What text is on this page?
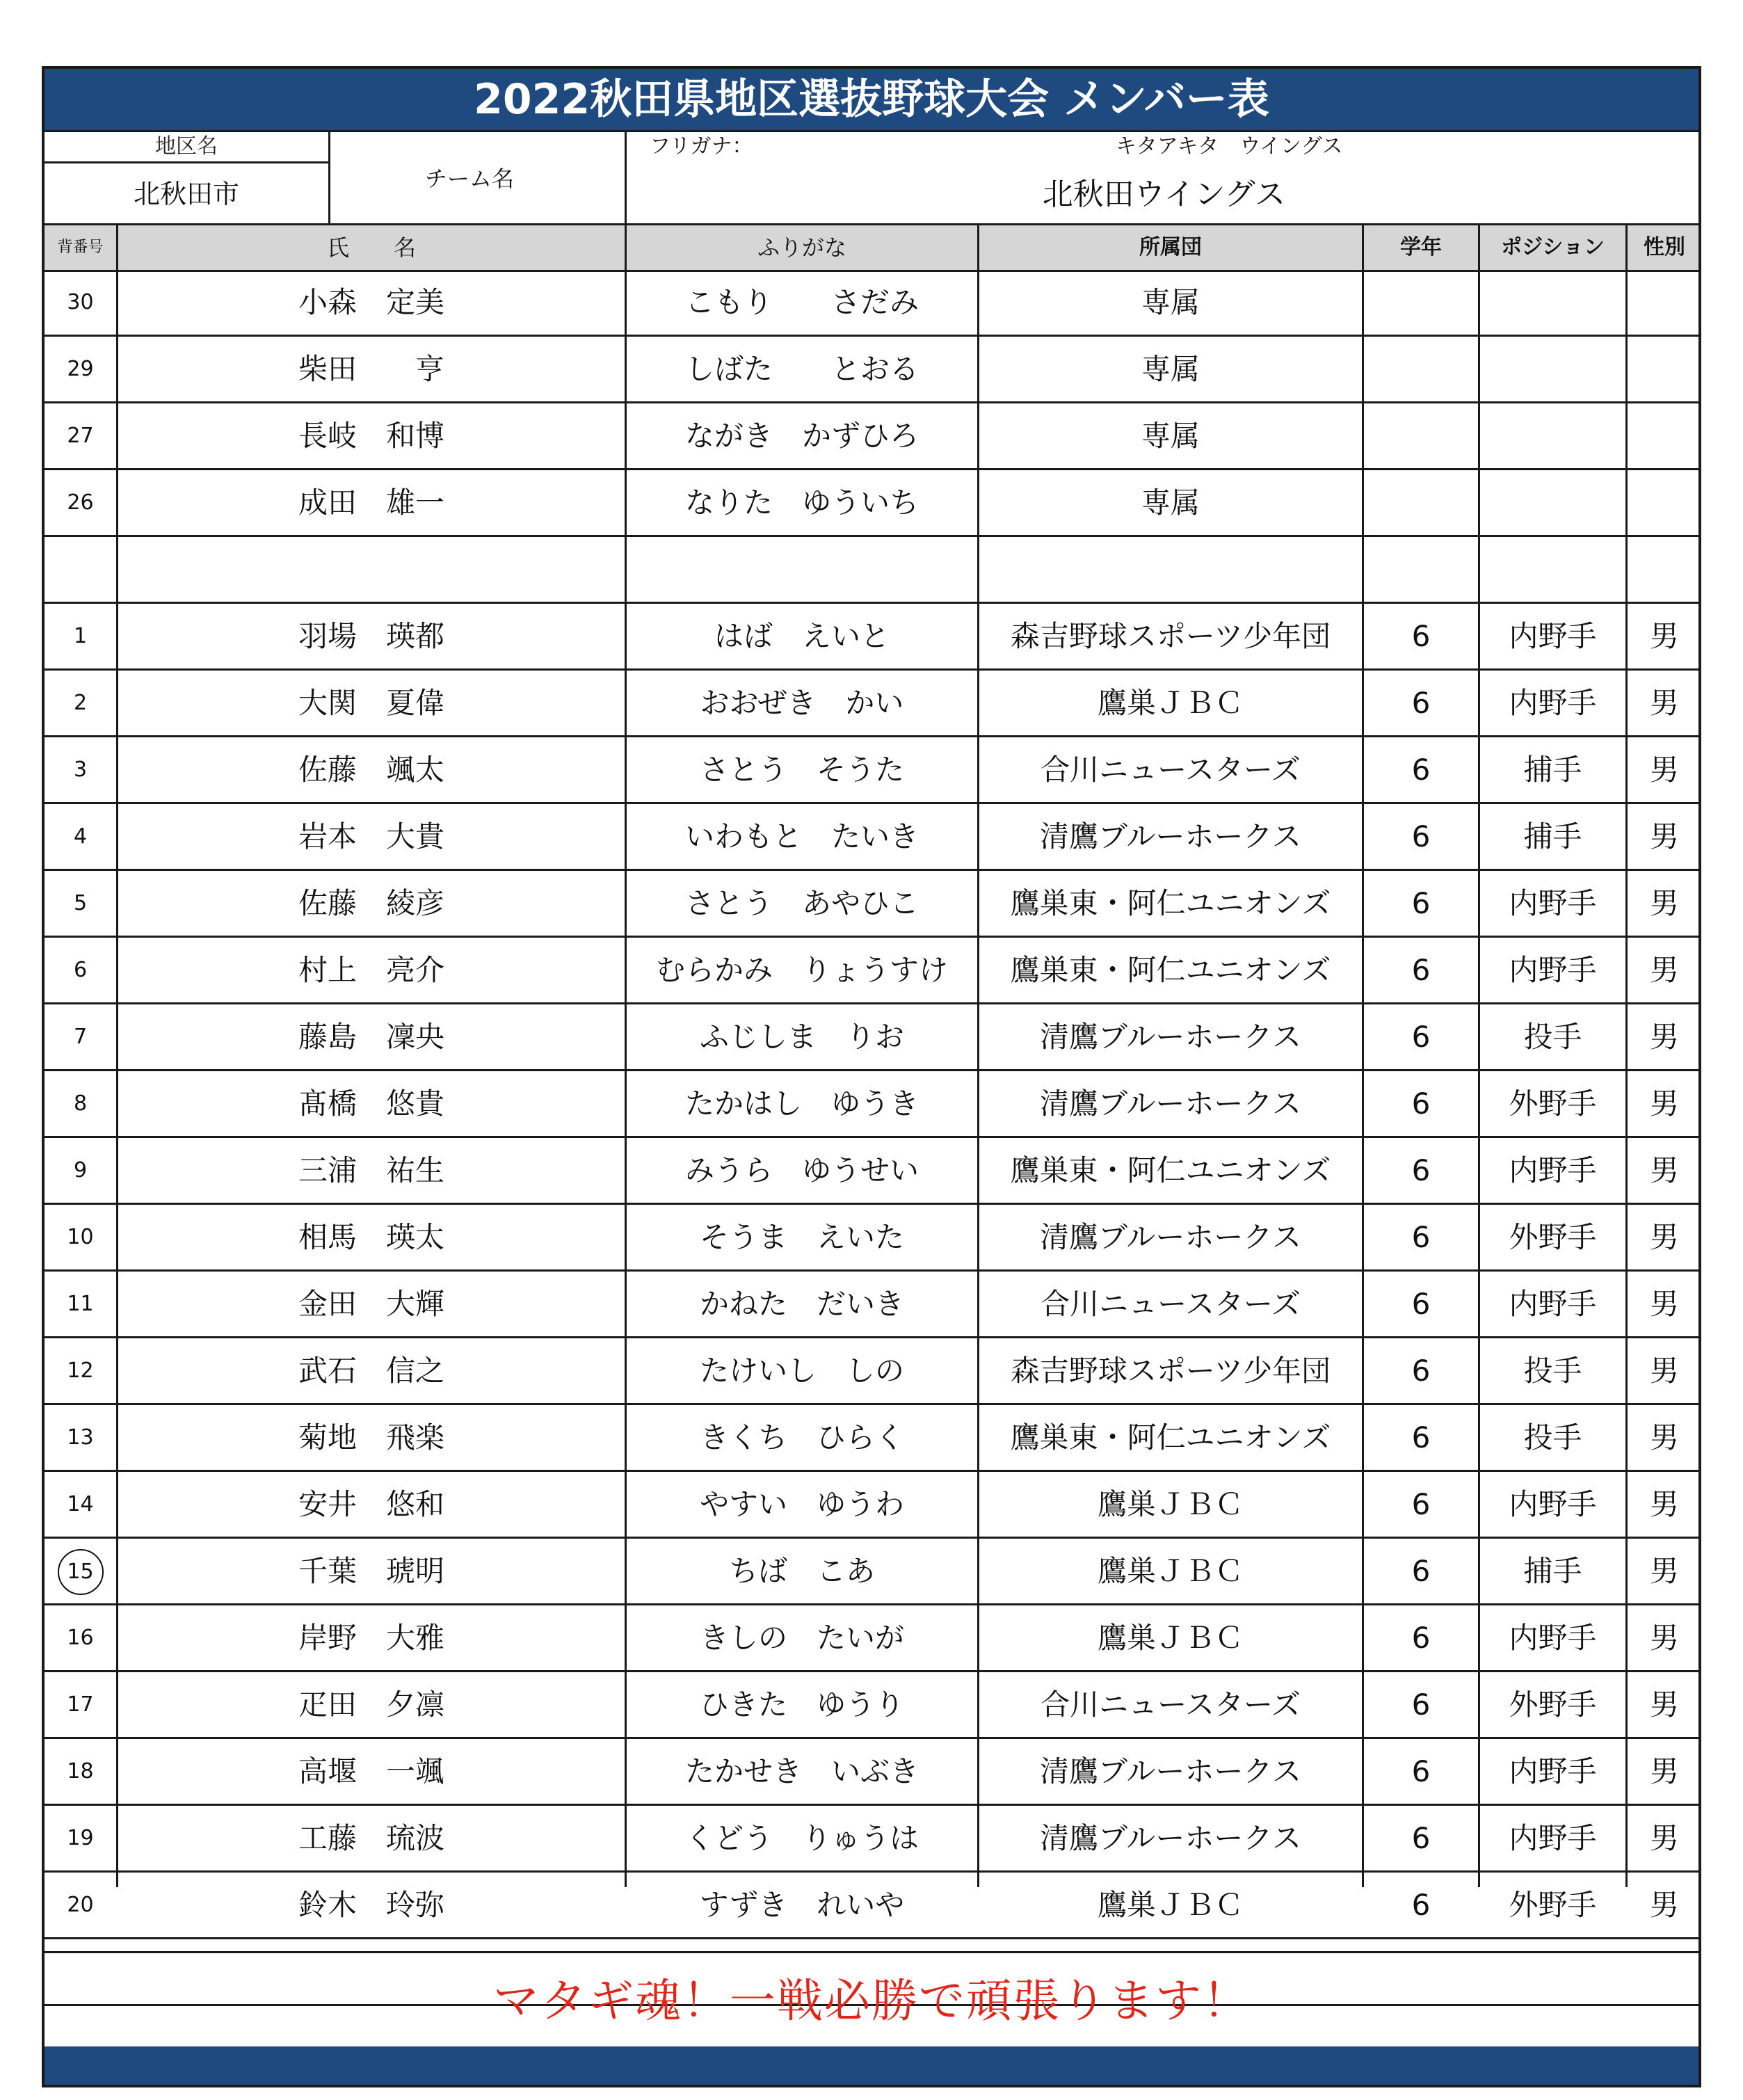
2022秋田県地区選抜野球大会 メンバー表
地区名
北秋田市	チーム名
フリガナ：	キタアキタ　ウイングス
北秋田ウイングス
背番号	氏　　名	ふりがな	所属団	学年	ポジション	性別
30	小森　定美	こもり　　さだみ	専属
29	柴田　　亨	しばた　　とおる	専属
27	長岐　和博	ながき　かずひろ	専属
26	成田　雄一	なりた　ゆういち	専属
1	羽場　瑛都	はば　えいと	森吉野球スポーツ少年団	6	内野手	男
2	大関　夏偉	おおぜき　かい	鷹巣ＪＢＣ	6	内野手	男
3	佐藤　颯太	さとう　そうた	合川ニュースターズ	6	捕手	男
4	岩本　大貴	いわもと　たいき	清鷹ブルーホークス	6	捕手	男
5	佐藤　綾彦	さとう　あやひこ	鷹巣東・阿仁ユニオンズ	6	内野手	男
6	村上　亮介	むらかみ　りょうすけ	鷹巣東・阿仁ユニオンズ	6	内野手	男
7	藤島　凜央	ふじしま　りお	清鷹ブルーホークス	6	投手	男
8	髙橋　悠貴	たかはし　ゆうき	清鷹ブルーホークス	6	外野手	男
9	三浦　祐生	みうら　ゆうせい	鷹巣東・阿仁ユニオンズ	6	内野手	男
10	相馬　瑛太	そうま　えいた	清鷹ブルーホークス	6	外野手	男
11	金田　大輝	かねた　だいき	合川ニュースターズ	6	内野手	男
12	武石　信之	たけいし　しの	森吉野球スポーツ少年団	6	投手	男
13	菊地　飛楽	きくち　ひらく	鷹巣東・阿仁ユニオンズ	6	投手	男
14	安井　悠和	やすい　ゆうわ	鷹巣ＪＢＣ	6	内野手	男
15	千葉　琥明	ちば　こあ	鷹巣ＪＢＣ	6	捕手	男
16	岸野　大雅	きしの　たいが	鷹巣ＪＢＣ	6	内野手	男
17	疋田　夕凛	ひきた　ゆうり	合川ニュースターズ	6	外野手	男
18	高堰　一颯	たかせき　いぶき	清鷹ブルーホークス	6	内野手	男
19	工藤　琉波	くどう　りゅうは	清鷹ブルーホークス	6	内野手	男
20	鈴木　玲弥	すずき　れいや	鷹巣ＪＢＣ	6	外野手	男
マタギ魂！一戦必勝で頑張ります！
